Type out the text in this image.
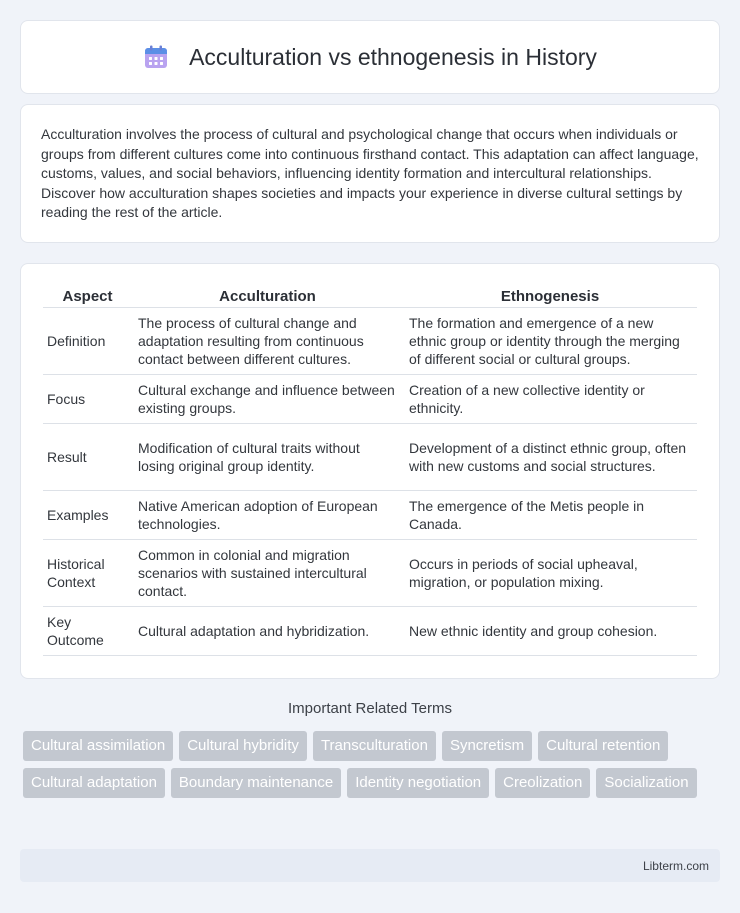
Acculturation vs ethnogenesis in History

Acculturation involves the process of cultural and psychological change that occurs when individuals or groups from different cultures come into continuous firsthand contact. This adaptation can affect language, customs, values, and social behaviors, influencing identity formation and intercultural relationships. Discover how acculturation shapes societies and impacts your experience in diverse cultural settings by reading the rest of the article.

Aspect	Acculturation	Ethnogenesis
Definition	The process of cultural change and adaptation resulting from continuous contact between different cultures.	The formation and emergence of a new ethnic group or identity through the merging of different social or cultural groups.
Focus	Cultural exchange and influence between existing groups.	Creation of a new collective identity or ethnicity.
Result	Modification of cultural traits without losing original group identity.	Development of a distinct ethnic group, often with new customs and social structures.
Examples	Native American adoption of European technologies.	The emergence of the Metis people in Canada.
Historical Context	Common in colonial and migration scenarios with sustained intercultural contact.	Occurs in periods of social upheaval, migration, or population mixing.
Key Outcome	Cultural adaptation and hybridization.	New ethnic identity and group cohesion.
Important Related Terms
Cultural assimilation	Cultural hybridity	Transculturation	Syncretism	Cultural retention
Cultural adaptation	Boundary maintenance	Identity negotiation	Creolization	Socialization
Libterm.com
